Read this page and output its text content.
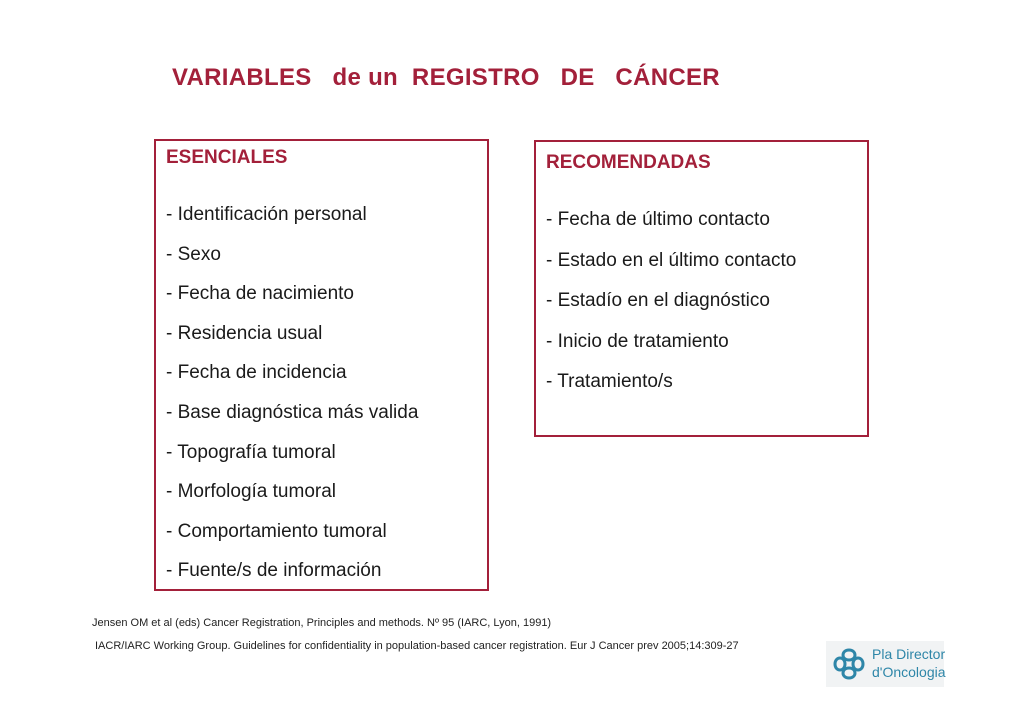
VARIABLES   de un  REGISTRO   DE   CÁNCER
ESENCIALES
- Identificación personal
- Sexo
- Fecha de nacimiento
- Residencia usual
- Fecha de incidencia
- Base diagnóstica más valida
- Topografía tumoral
- Morfología tumoral
- Comportamiento tumoral
- Fuente/s de información
RECOMENDADAS
- Fecha de último contacto
- Estado en el último contacto
- Estadío en el diagnóstico
- Inicio de tratamiento
- Tratamiento/s
Jensen OM et al (eds) Cancer Registration, Principles and methods. Nº 95 (IARC, Lyon, 1991)
IACR/IARC Working Group. Guidelines for confidentiality in population-based cancer registration. Eur J Cancer prev 2005;14:309-27	Pla Director
d'Oncologia
